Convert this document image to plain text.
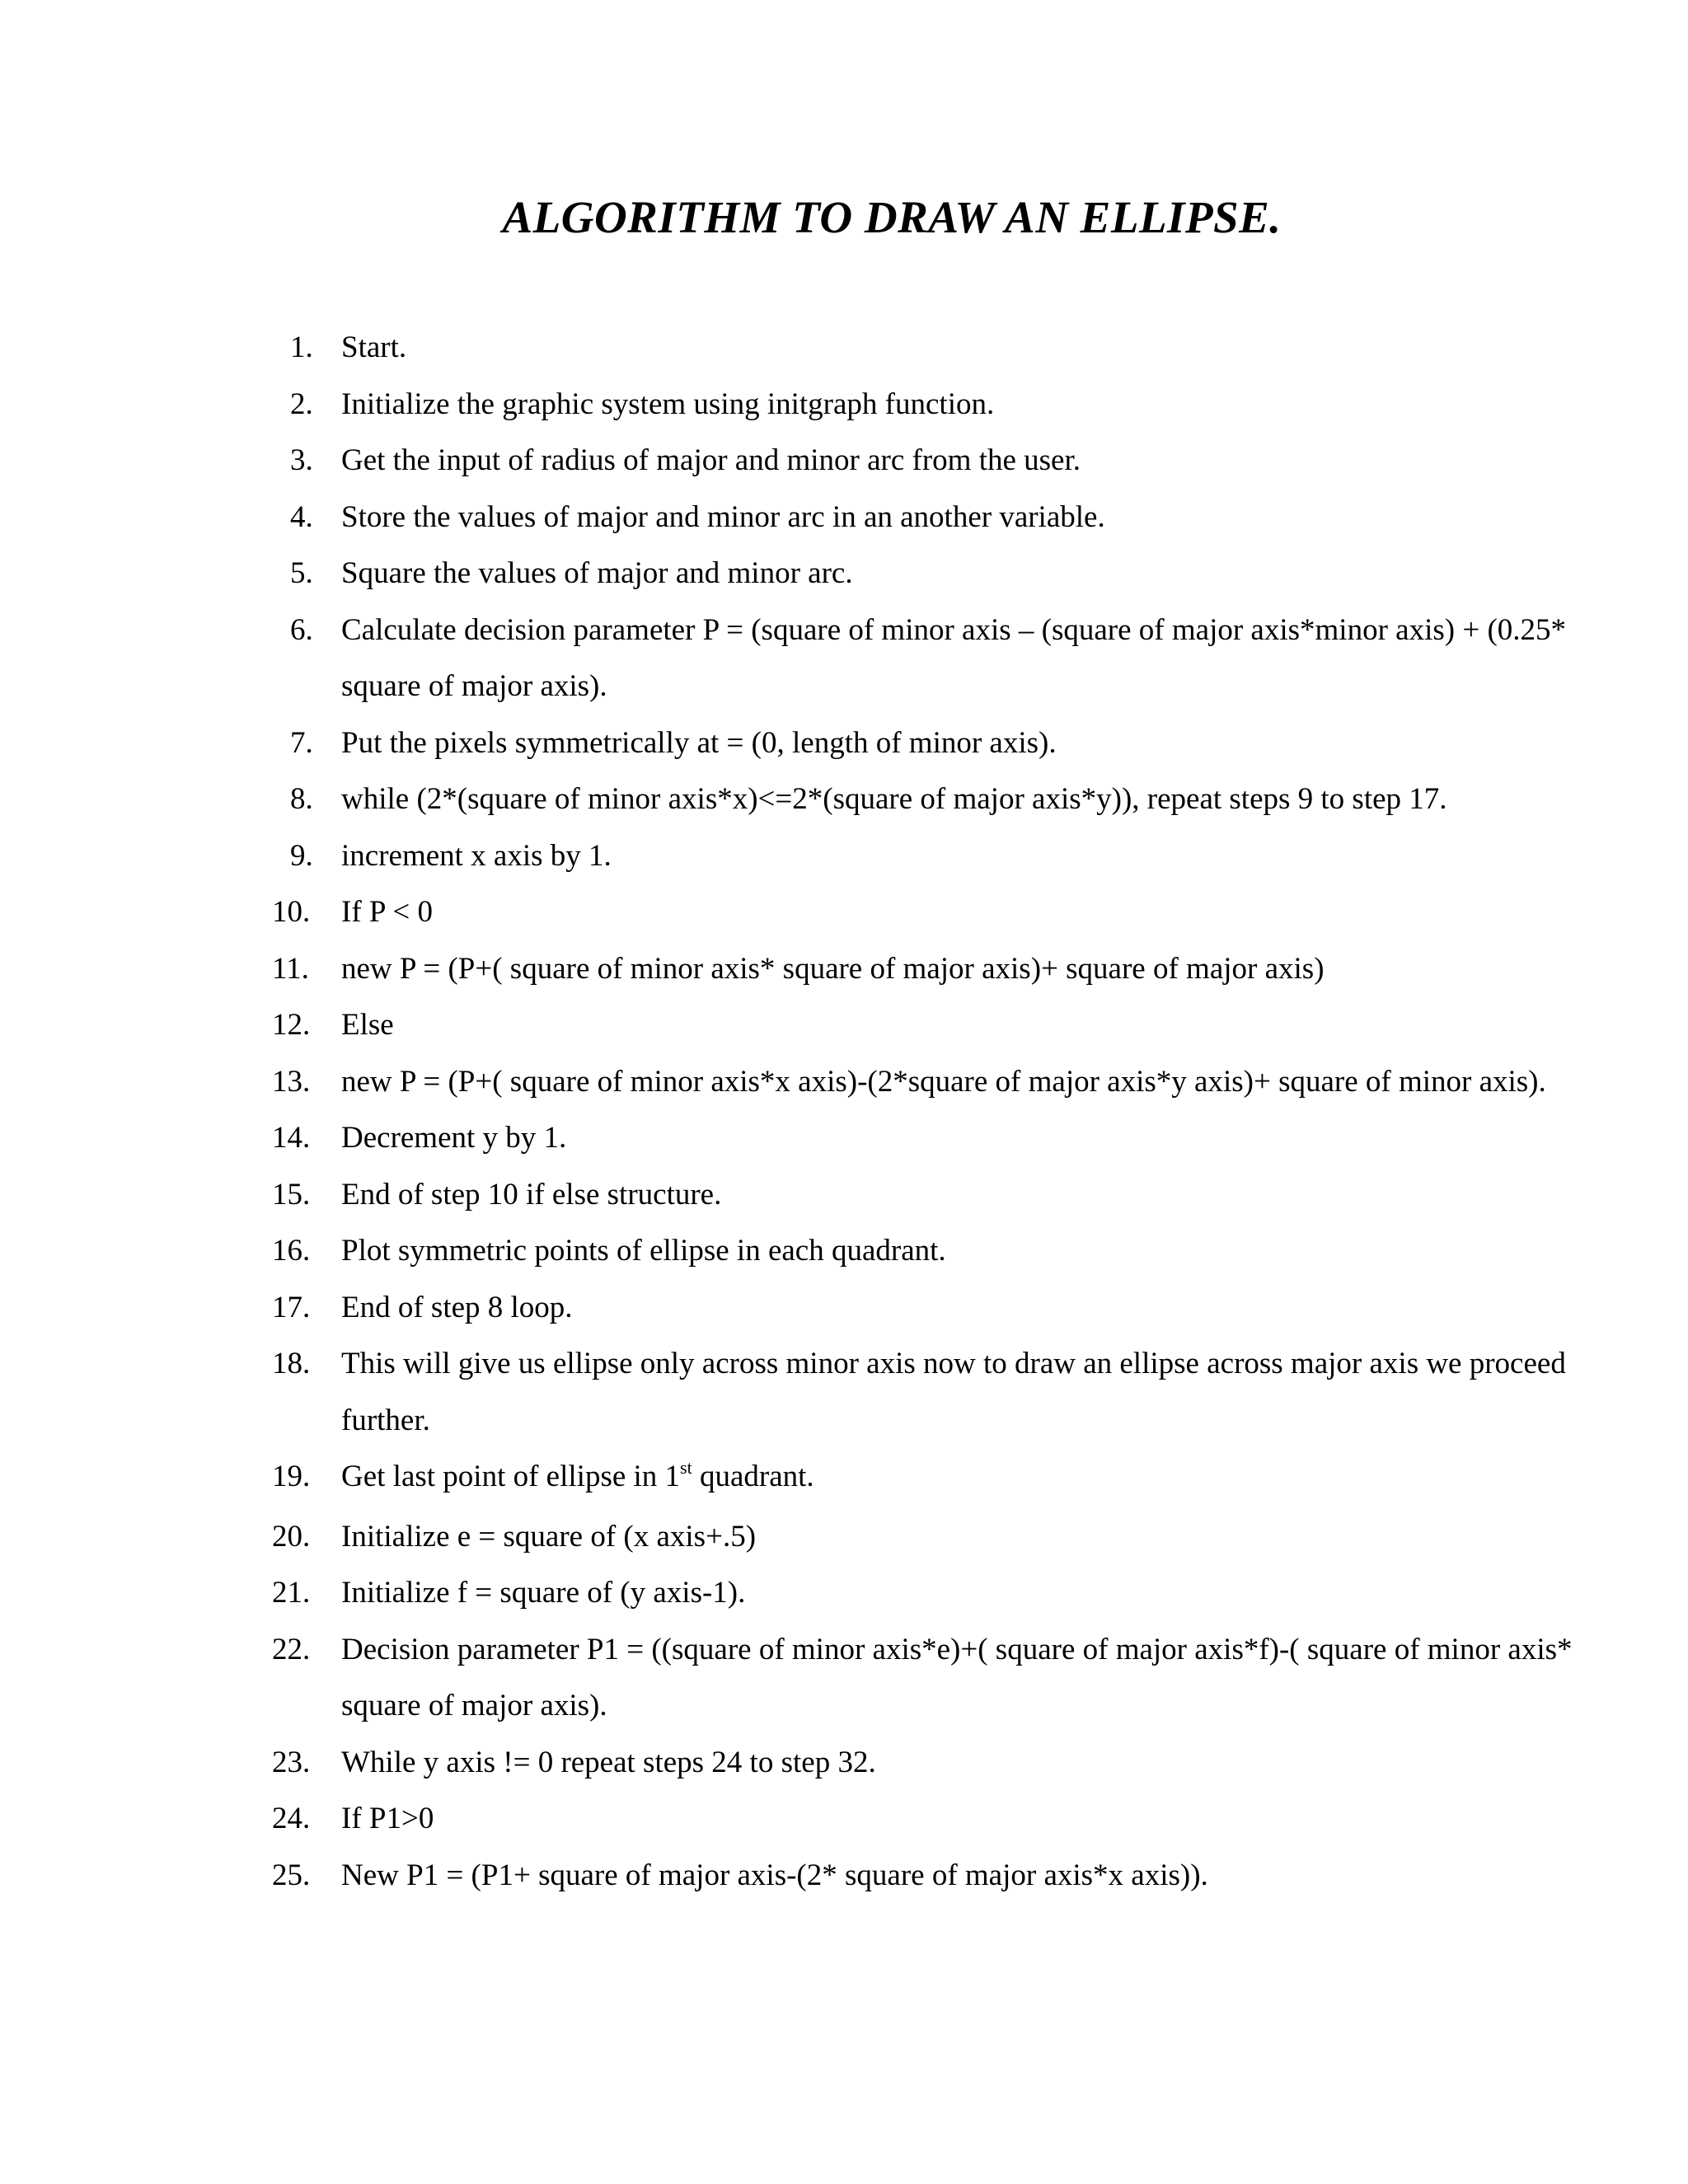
ALGORITHM TO DRAW AN ELLIPSE.
1. Start.
2. Initialize the graphic system using initgraph function.
3. Get the input of radius of major and minor arc from the user.
4. Store the values of major and minor arc in an another variable.
5. Square the values of major and minor arc.
6. Calculate decision parameter P = (square of minor axis – (square of major axis*minor axis) + (0.25* square of major axis).
7. Put the pixels symmetrically at = (0, length of minor axis).
8. while (2*(square of minor axis*x)<=2*(square of major axis*y)), repeat steps 9 to step 17.
9. increment x axis by 1.
10. If P < 0
11. new P = (P+( square of minor axis* square of major axis)+ square of major axis)
12. Else
13. new P = (P+( square of minor axis*x axis)-(2*square of major axis*y axis)+ square of minor axis).
14. Decrement y by 1.
15. End of step 10 if else structure.
16. Plot symmetric points of ellipse in each quadrant.
17. End of step 8 loop.
18. This will give us ellipse only across minor axis now to draw an ellipse across major axis we proceed further.
19. Get last point of ellipse in 1st quadrant.
20. Initialize e = square of (x axis+.5)
21. Initialize f = square of (y axis-1).
22. Decision parameter P1 = ((square of minor axis*e)+( square of major axis*f)-( square of minor axis* square of major axis).
23. While y axis != 0 repeat steps 24 to step 32.
24. If P1>0
25. New P1 = (P1+ square of major axis-(2* square of major axis*x axis)).
